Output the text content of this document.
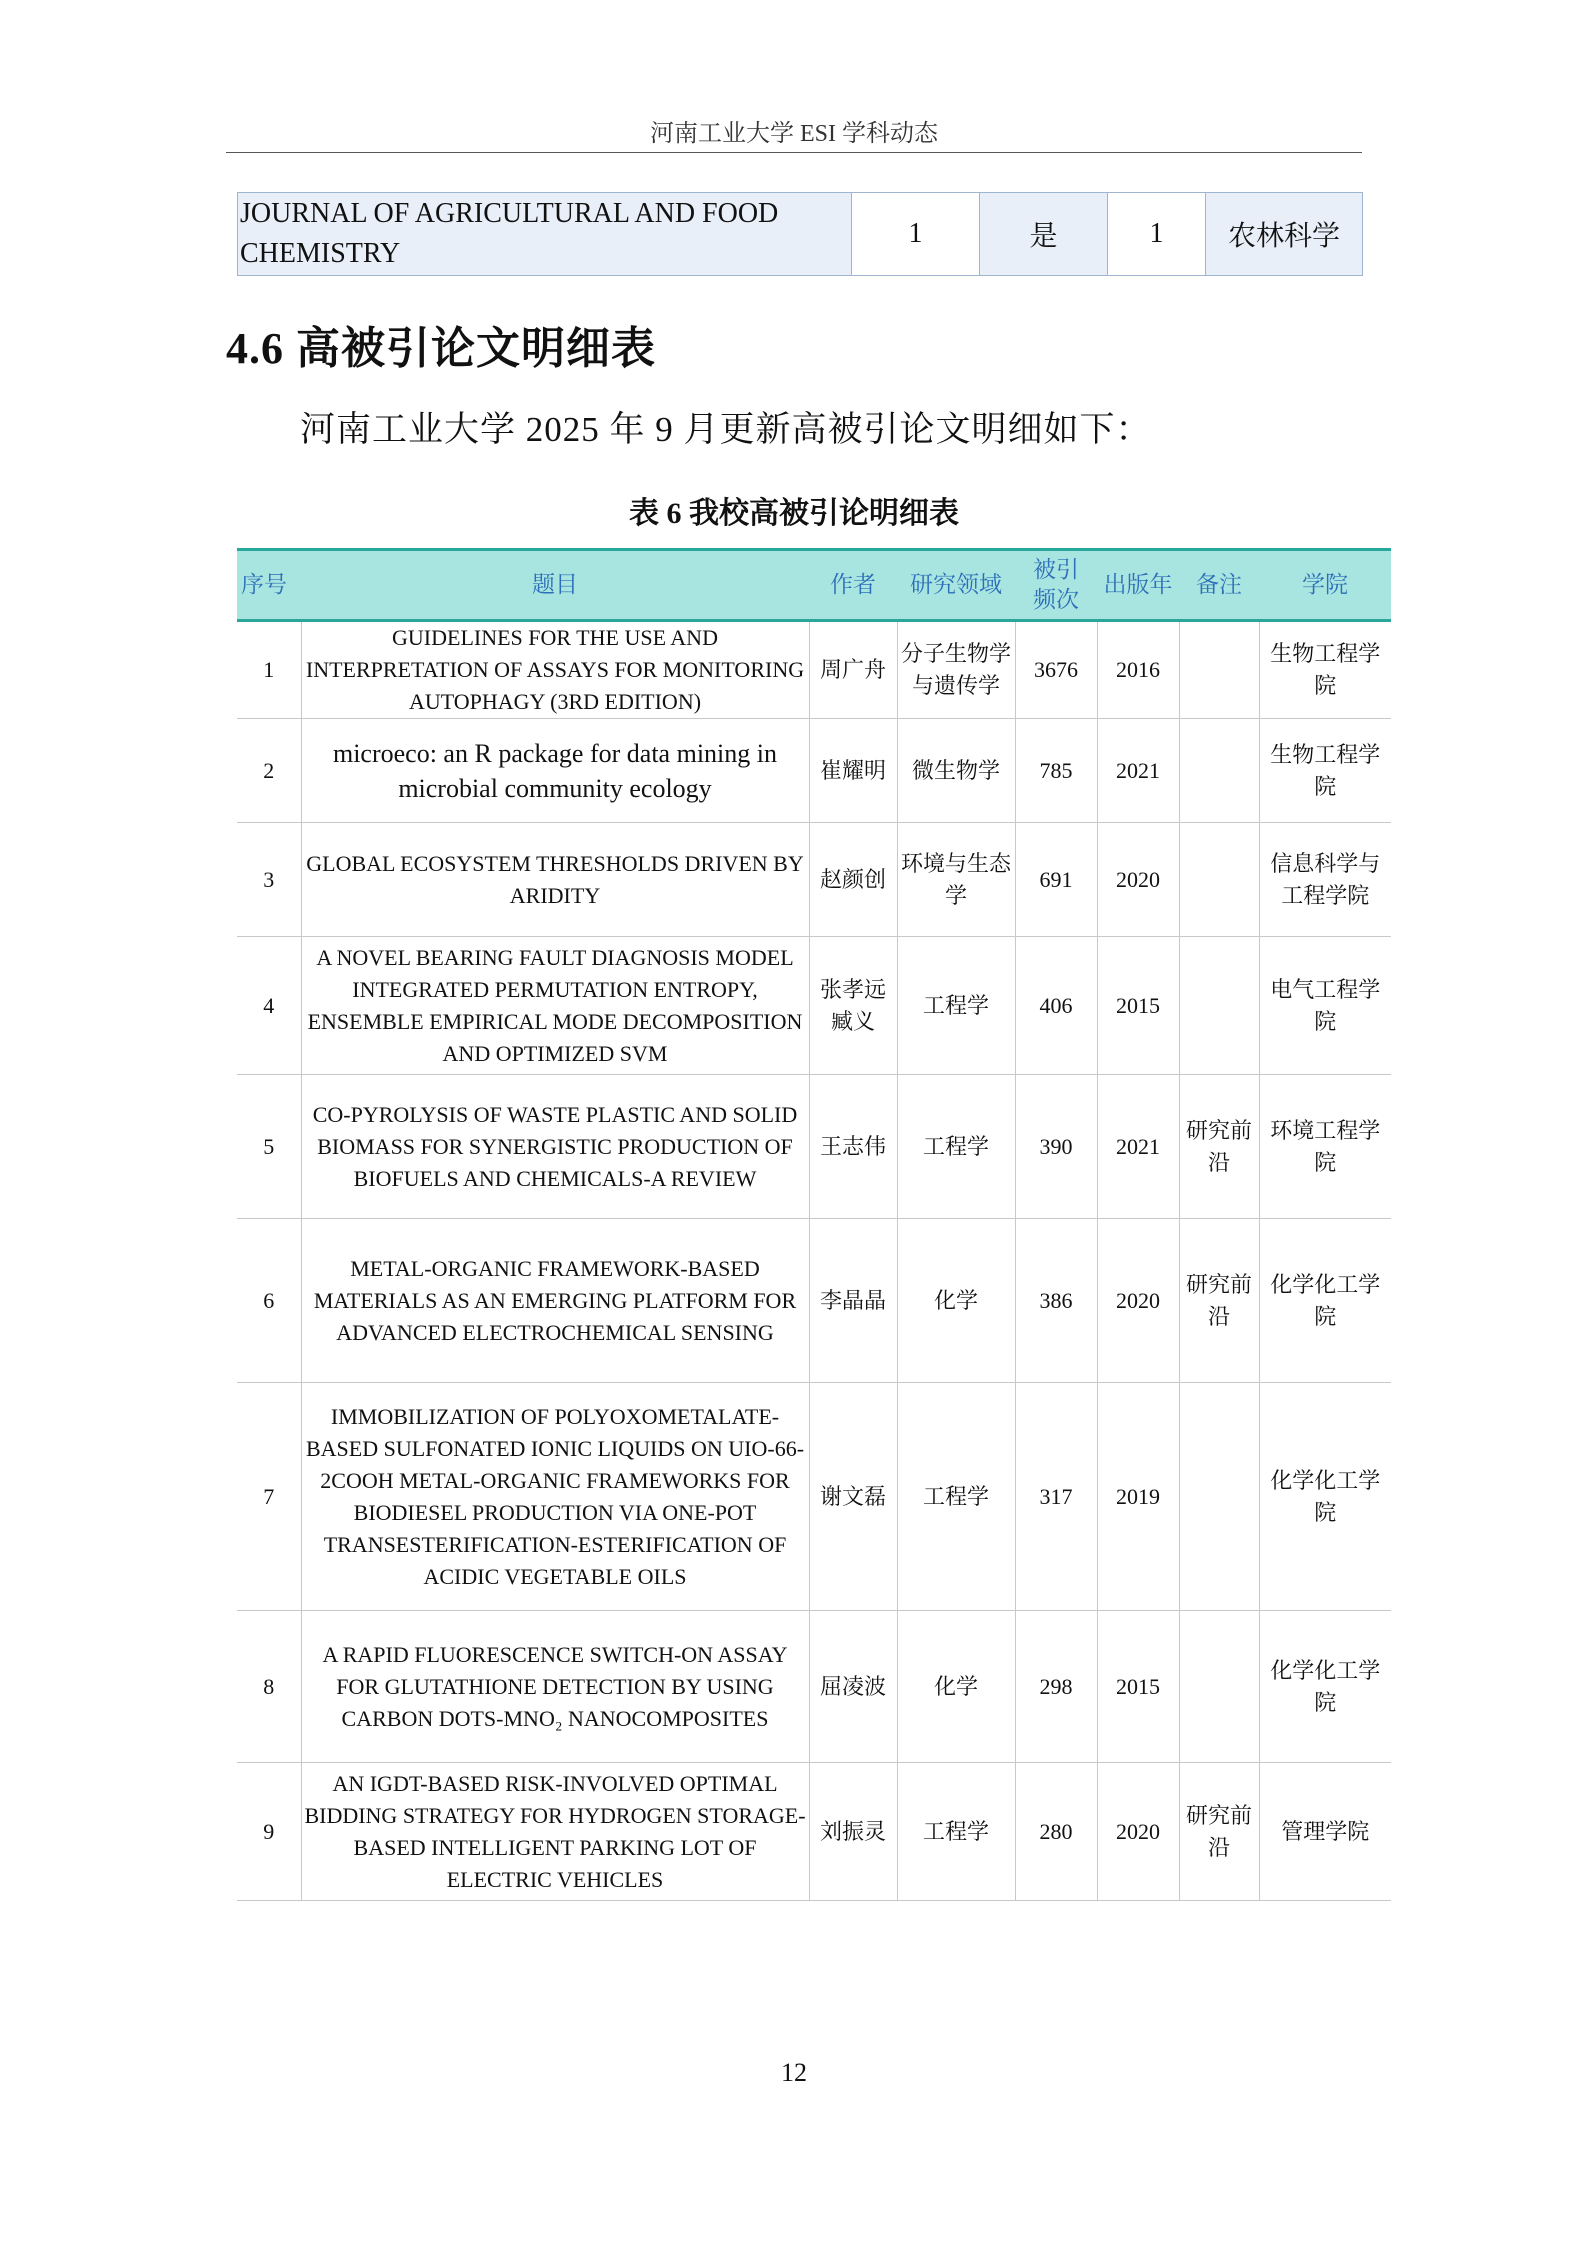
河南工业大学 ESI 学科动态
JOURNAL OF AGRICULTURAL AND FOOD CHEMISTRY	1	是	1	农林科学
4.6 高被引论文明细表
河南工业大学 2025 年 9 月更新高被引论文明细如下：
表 6 我校高被引论明细表
序号	题目	作者	研究领域	被引频次	出版年	备注	学院
1	GUIDELINES FOR THE USE AND INTERPRETATION OF ASSAYS FOR MONITORING AUTOPHAGY (3RD EDITION)	周广舟	分子生物学与遗传学	3676	2016		生物工程学院
2	microeco: an R package for data mining in microbial community ecology	崔耀明	微生物学	785	2021		生物工程学院
3	GLOBAL ECOSYSTEM THRESHOLDS DRIVEN BY ARIDITY	赵颜创	环境与生态学	691	2020		信息科学与工程学院
4	A NOVEL BEARING FAULT DIAGNOSIS MODEL INTEGRATED PERMUTATION ENTROPY, ENSEMBLE EMPIRICAL MODE DECOMPOSITION AND OPTIMIZED SVM	张孝远 臧义	工程学	406	2015		电气工程学院
5	CO-PYROLYSIS OF WASTE PLASTIC AND SOLID BIOMASS FOR SYNERGISTIC PRODUCTION OF BIOFUELS AND CHEMICALS-A REVIEW	王志伟	工程学	390	2021	研究前沿	环境工程学院
6	METAL-ORGANIC FRAMEWORK-BASED MATERIALS AS AN EMERGING PLATFORM FOR ADVANCED ELECTROCHEMICAL SENSING	李晶晶	化学	386	2020	研究前沿	化学化工学院
7	IMMOBILIZATION OF POLYOXOMETALATE-BASED SULFONATED IONIC LIQUIDS ON UIO-66-2COOH METAL-ORGANIC FRAMEWORKS FOR BIODIESEL PRODUCTION VIA ONE-POT TRANSESTERIFICATION-ESTERIFICATION OF ACIDIC VEGETABLE OILS	谢文磊	工程学	317	2019		化学化工学院
8	A RAPID FLUORESCENCE SWITCH-ON ASSAY FOR GLUTATHIONE DETECTION BY USING CARBON DOTS-MNO₂ NANOCOMPOSITES	屈凌波	化学	298	2015		化学化工学院
9	AN IGDT-BASED RISK-INVOLVED OPTIMAL BIDDING STRATEGY FOR HYDROGEN STORAGE-BASED INTELLIGENT PARKING LOT OF ELECTRIC VEHICLES	刘振灵	工程学	280	2020	研究前沿	管理学院
12
